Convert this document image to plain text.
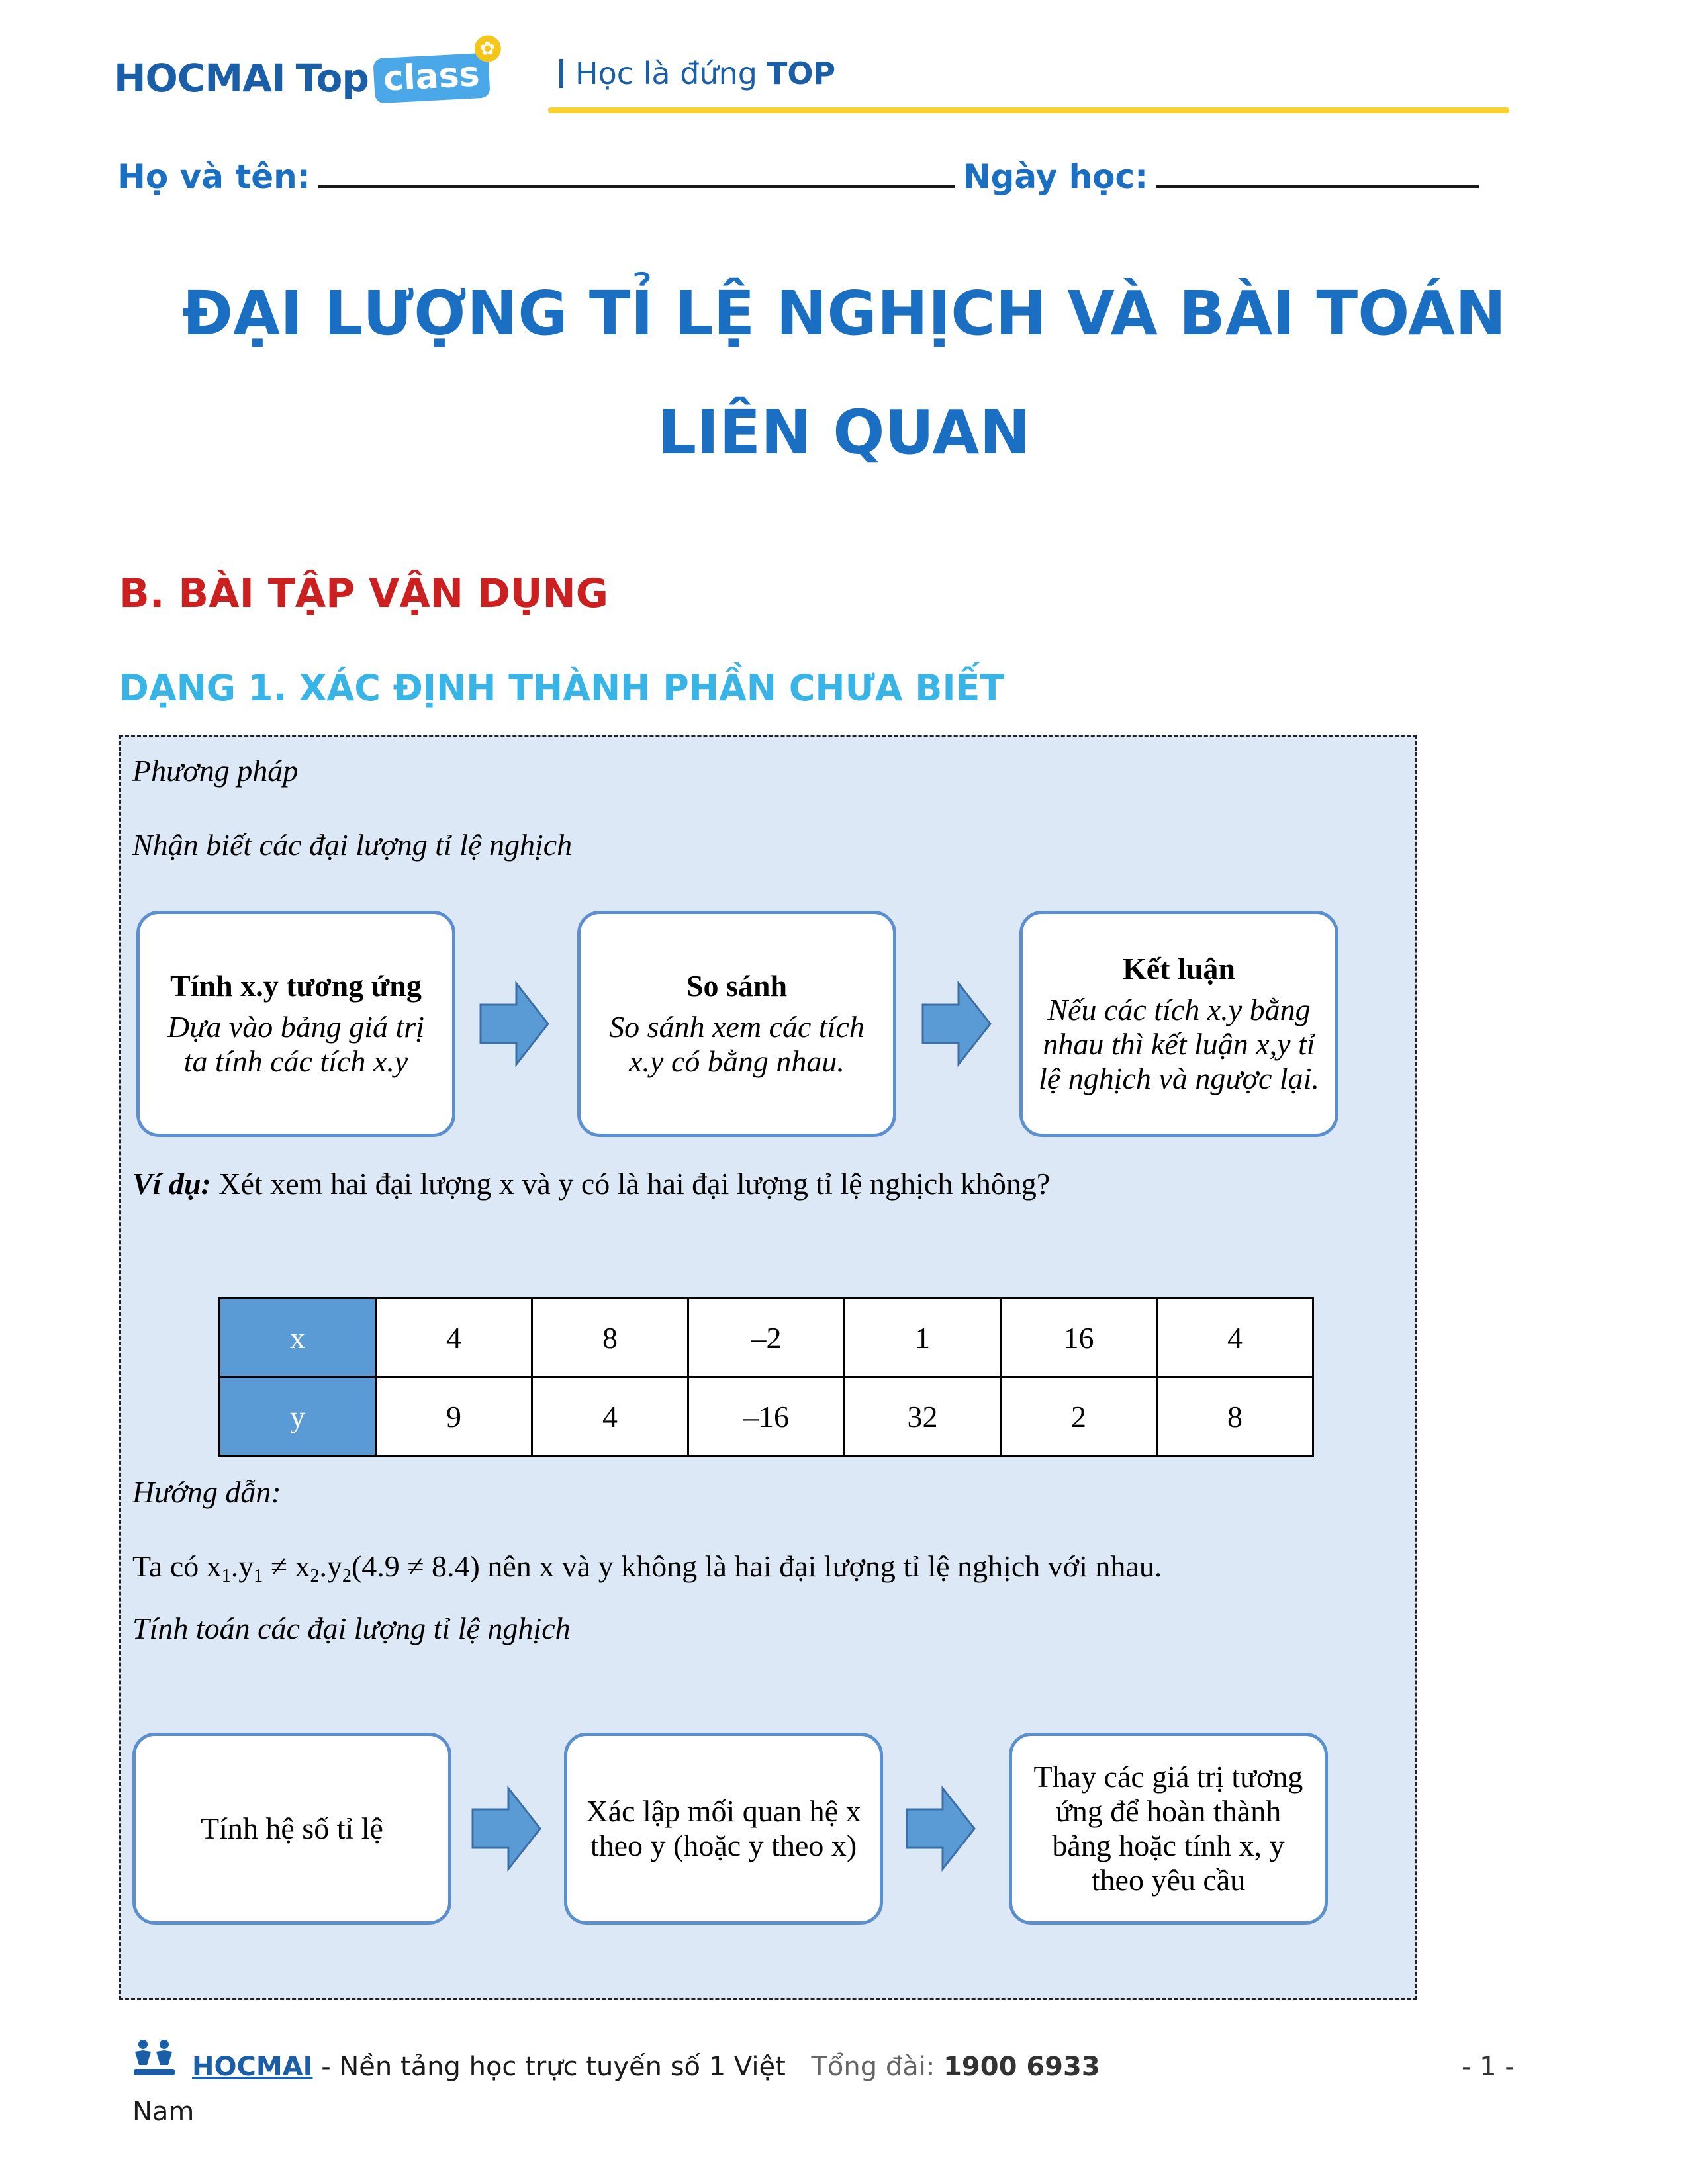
HOCMAI Top class
✿
Học là đứng TOP
Họ và tên:	Ngày học:
ĐẠI LƯỢNG TỈ LỆ NGHỊCH VÀ BÀI TOÁN
LIÊN QUAN
B. BÀI TẬP VẬN DỤNG
DẠNG 1. XÁC ĐỊNH THÀNH PHẦN CHƯA BIẾT
Phương pháp
Nhận biết các đại lượng tỉ lệ nghịch
Tính x.y tương ứng
Dựa vào bảng giá trị ta tính các tích x.y
So sánh
So sánh xem các tích x.y có bằng nhau.
Kết luận
Nếu các tích x.y bằng nhau thì kết luận x,y tỉ lệ nghịch và ngược lại.
Ví dụ: Xét xem hai đại lượng x và y có là hai đại lượng tỉ lệ nghịch không?
x	4	8	–2	1	16	4
y	9	4	–16	32	2	8
Hướng dẫn:
Ta có $x_1.y_1 \ne x_2.y_2(4.9 \ne 8.4)$ nên x và y không là hai đại lượng tỉ lệ nghịch với nhau.
Tính toán các đại lượng tỉ lệ nghịch
Tính hệ số tỉ lệ
Xác lập mối quan hệ x theo y (hoặc y theo x)
Thay các giá trị tương ứng để hoàn thành bảng hoặc tính x, y theo yêu cầu
HOCMAI - Nền tảng học trực tuyến số 1 Việt Tổng đài: 1900 6933	- 1 -
Nam
